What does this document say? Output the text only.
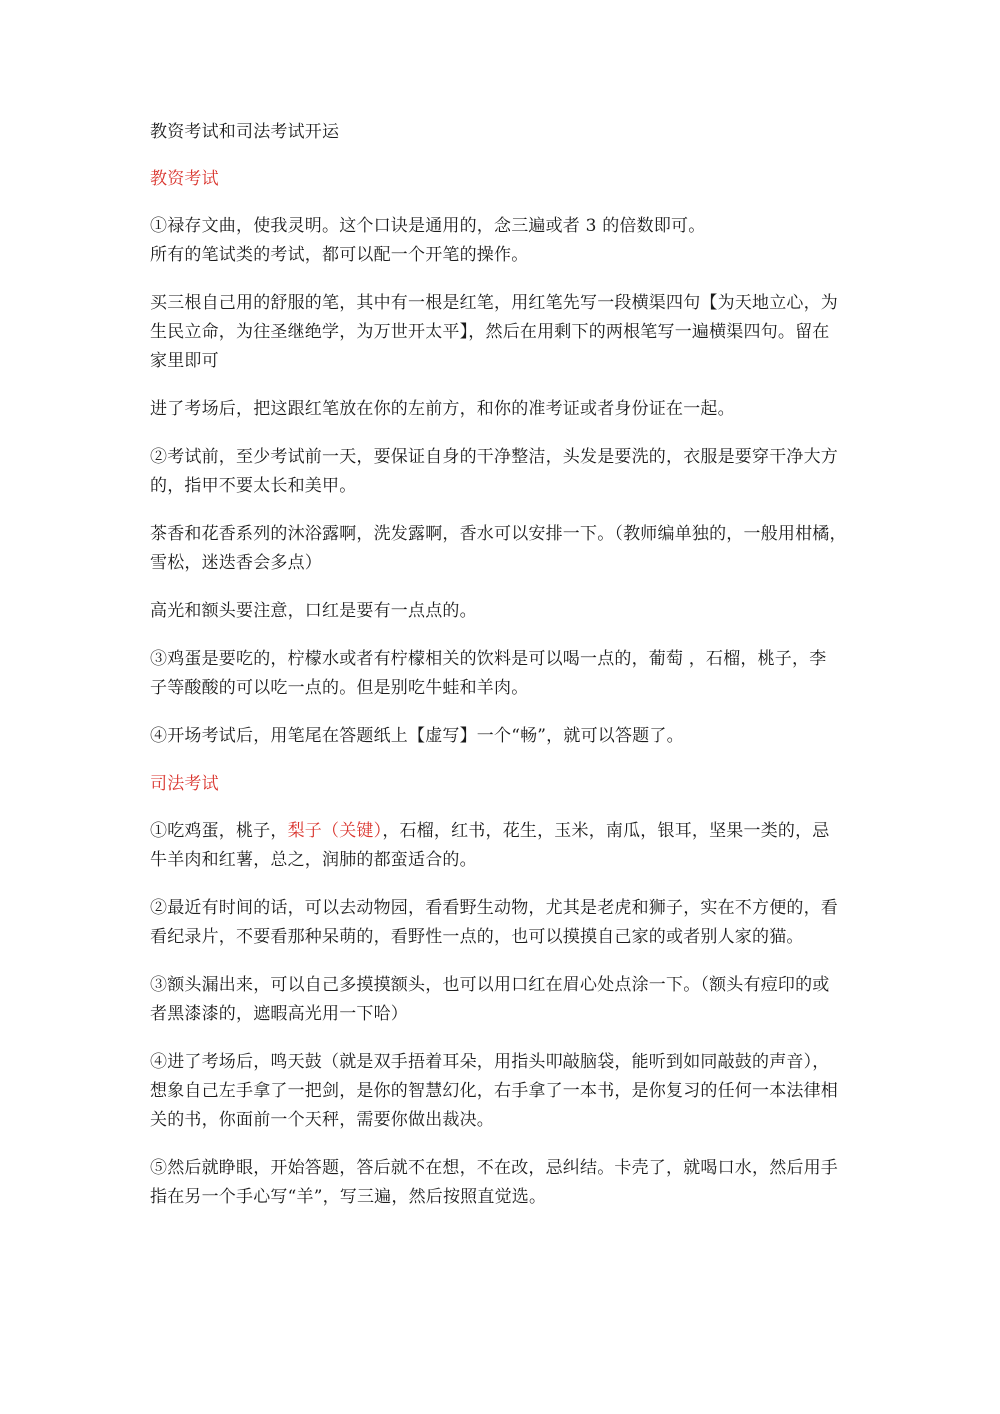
教资考试和司法考试开运

教资考试

①禄存文曲，使我灵明。这个口诀是通用的，念三遍或者 3 的倍数即可。

所有的笔试类的考试，都可以配一个开笔的操作。

买三根自己用的舒服的笔，其中有一根是红笔，用红笔先写一段横渠四句【为天地立心，为

生民立命，为往圣继绝学，为万世开太平】，然后在用剩下的两根笔写一遍横渠四句。留在

家里即可

进了考场后，把这跟红笔放在你的左前方，和你的准考证或者身份证在一起。

②考试前，至少考试前一天，要保证自身的干净整洁，头发是要洗的，衣服是要穿干净大方

的，指甲不要太长和美甲。

茶香和花香系列的沐浴露啊，洗发露啊，香水可以安排一下。（教师编单独的，一般用柑橘，

雪松，迷迭香会多点）

高光和额头要注意，口红是要有一点点的。

③鸡蛋是要吃的，柠檬水或者有柠檬相关的饮料是可以喝一点的，葡萄 ，石榴，桃子，李

子等酸酸的可以吃一点的。但是别吃牛蛙和羊肉。

④开场考试后，用笔尾在答题纸上【虚写】一个“畅”，就可以答题了。

司法考试

①吃鸡蛋，桃子，梨子（关键），石榴，红书，花生，玉米，南瓜，银耳，坚果一类的，忌

牛羊肉和红薯，总之，润肺的都蛮适合的。

②最近有时间的话，可以去动物园，看看野生动物，尤其是老虎和狮子，实在不方便的，看

看纪录片，不要看那种呆萌的，看野性一点的，也可以摸摸自己家的或者别人家的猫。

③额头漏出来，可以自己多摸摸额头，也可以用口红在眉心处点涂一下。（额头有痘印的或

者黑漆漆的，遮暇高光用一下哈）

④进了考场后，鸣天鼓（就是双手捂着耳朵，用指头叩敲脑袋，能听到如同敲鼓的声音），

想象自己左手拿了一把剑，是你的智慧幻化，右手拿了一本书，是你复习的任何一本法律相

关的书，你面前一个天秤，需要你做出裁决。

⑤然后就睁眼，开始答题，答后就不在想，不在改，忌纠结。卡壳了，就喝口水，然后用手

指在另一个手心写“羊”，写三遍，然后按照直觉选。
